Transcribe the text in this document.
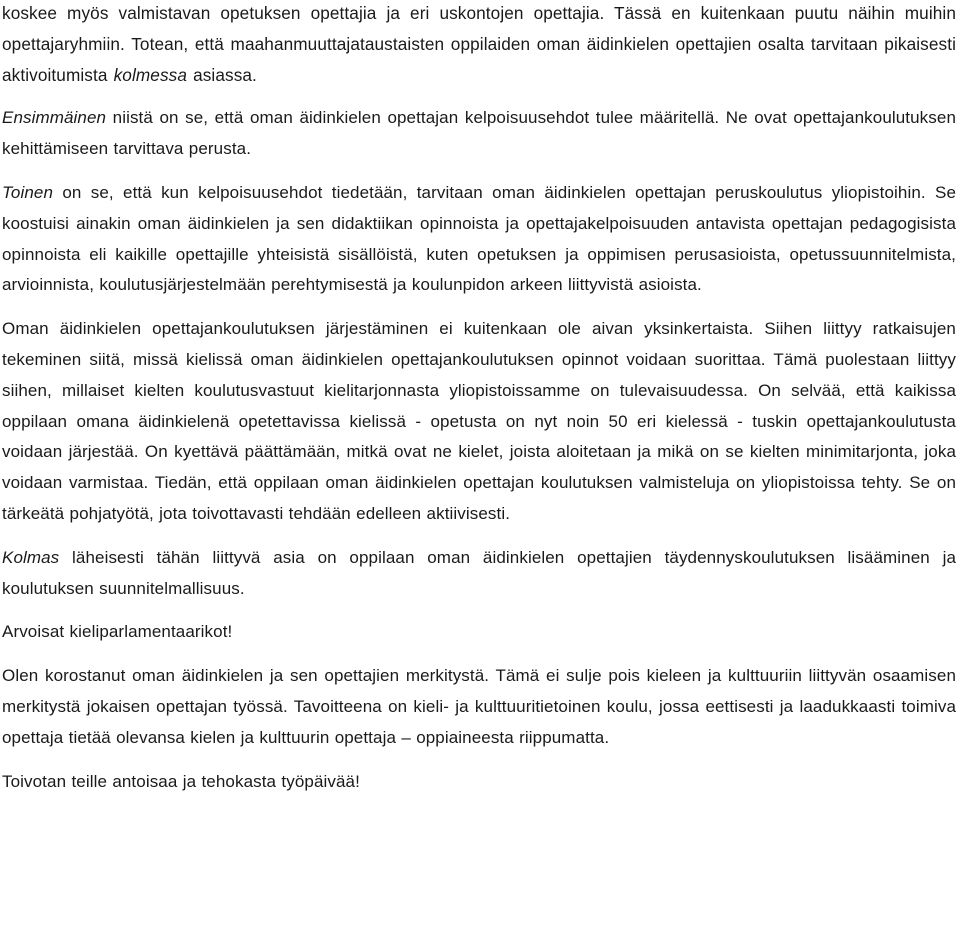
koskee myös valmistavan opetuksen opettajia ja eri uskontojen opettajia. Tässä en kuitenkaan puutu näihin muihin opettajaryhmiin. Totean, että maahanmuuttajataustaisten oppilaiden oman äidinkielen opettajien osalta tarvitaan pikaisesti aktivoitumista kolmessa asiassa.

Ensimmäinen niistä on se, että oman äidinkielen opettajan kelpoisuusehdot tulee määritellä. Ne ovat opettajankoulutuksen kehittämiseen tarvittava perusta.

Toinen on se, että kun kelpoisuusehdot tiedetään, tarvitaan oman äidinkielen opettajan peruskoulutus yliopistoihin. Se koostuisi ainakin oman äidinkielen ja sen didaktiikan opinnoista ja opettajakelpoisuuden antavista opettajan pedagogisista opinnoista eli kaikille opettajille yhteisistä sisällöistä, kuten opetuksen ja oppimisen perusasioista, opetussuunnitelmista, arvioinnista, koulutusjärjestelmään perehtymisestä ja koulunpidon arkeen liittyvistä asioista.

Oman äidinkielen opettajankoulutuksen järjestäminen ei kuitenkaan ole aivan yksinkertaista. Siihen liittyy ratkaisujen tekeminen siitä, missä kielissä oman äidinkielen opettajankoulutuksen opinnot voidaan suorittaa. Tämä puolestaan liittyy siihen, millaiset kielten koulutusvastuut kielitarjonnasta yliopistoissamme on tulevaisuudessa. On selvää, että kaikissa oppilaan omana äidinkielenä opetettavissa kielissä - opetusta on nyt noin 50 eri kielessä - tuskin opettajankoulutusta voidaan järjestää. On kyettävä päättämään, mitkä ovat ne kielet, joista aloitetaan ja mikä on se kielten minimitarjonta, joka voidaan varmistaa. Tiedän, että oppilaan oman äidinkielen opettajan koulutuksen valmisteluja on yliopistoissa tehty. Se on tärkeätä pohjatyötä, jota toivottavasti tehdään edelleen aktiivisesti.

Kolmas läheisesti tähän liittyvä asia on oppilaan oman äidinkielen opettajien täydennyskoulutuksen lisääminen ja koulutuksen suunnitelmallisuus.

Arvoisat kieliparlamentaarikot!

Olen korostanut oman äidinkielen ja sen opettajien merkitystä. Tämä ei sulje pois kieleen ja kulttuuriin liittyvän osaamisen merkitystä jokaisen opettajan työssä. Tavoitteena on kieli- ja kulttuuritietoinen koulu, jossa eettisesti ja laadukkaasti toimiva opettaja tietää olevansa kielen ja kulttuurin opettaja – oppiaineesta riippumatta.

Toivotan teille antoisaa ja tehokasta työpäivää!
